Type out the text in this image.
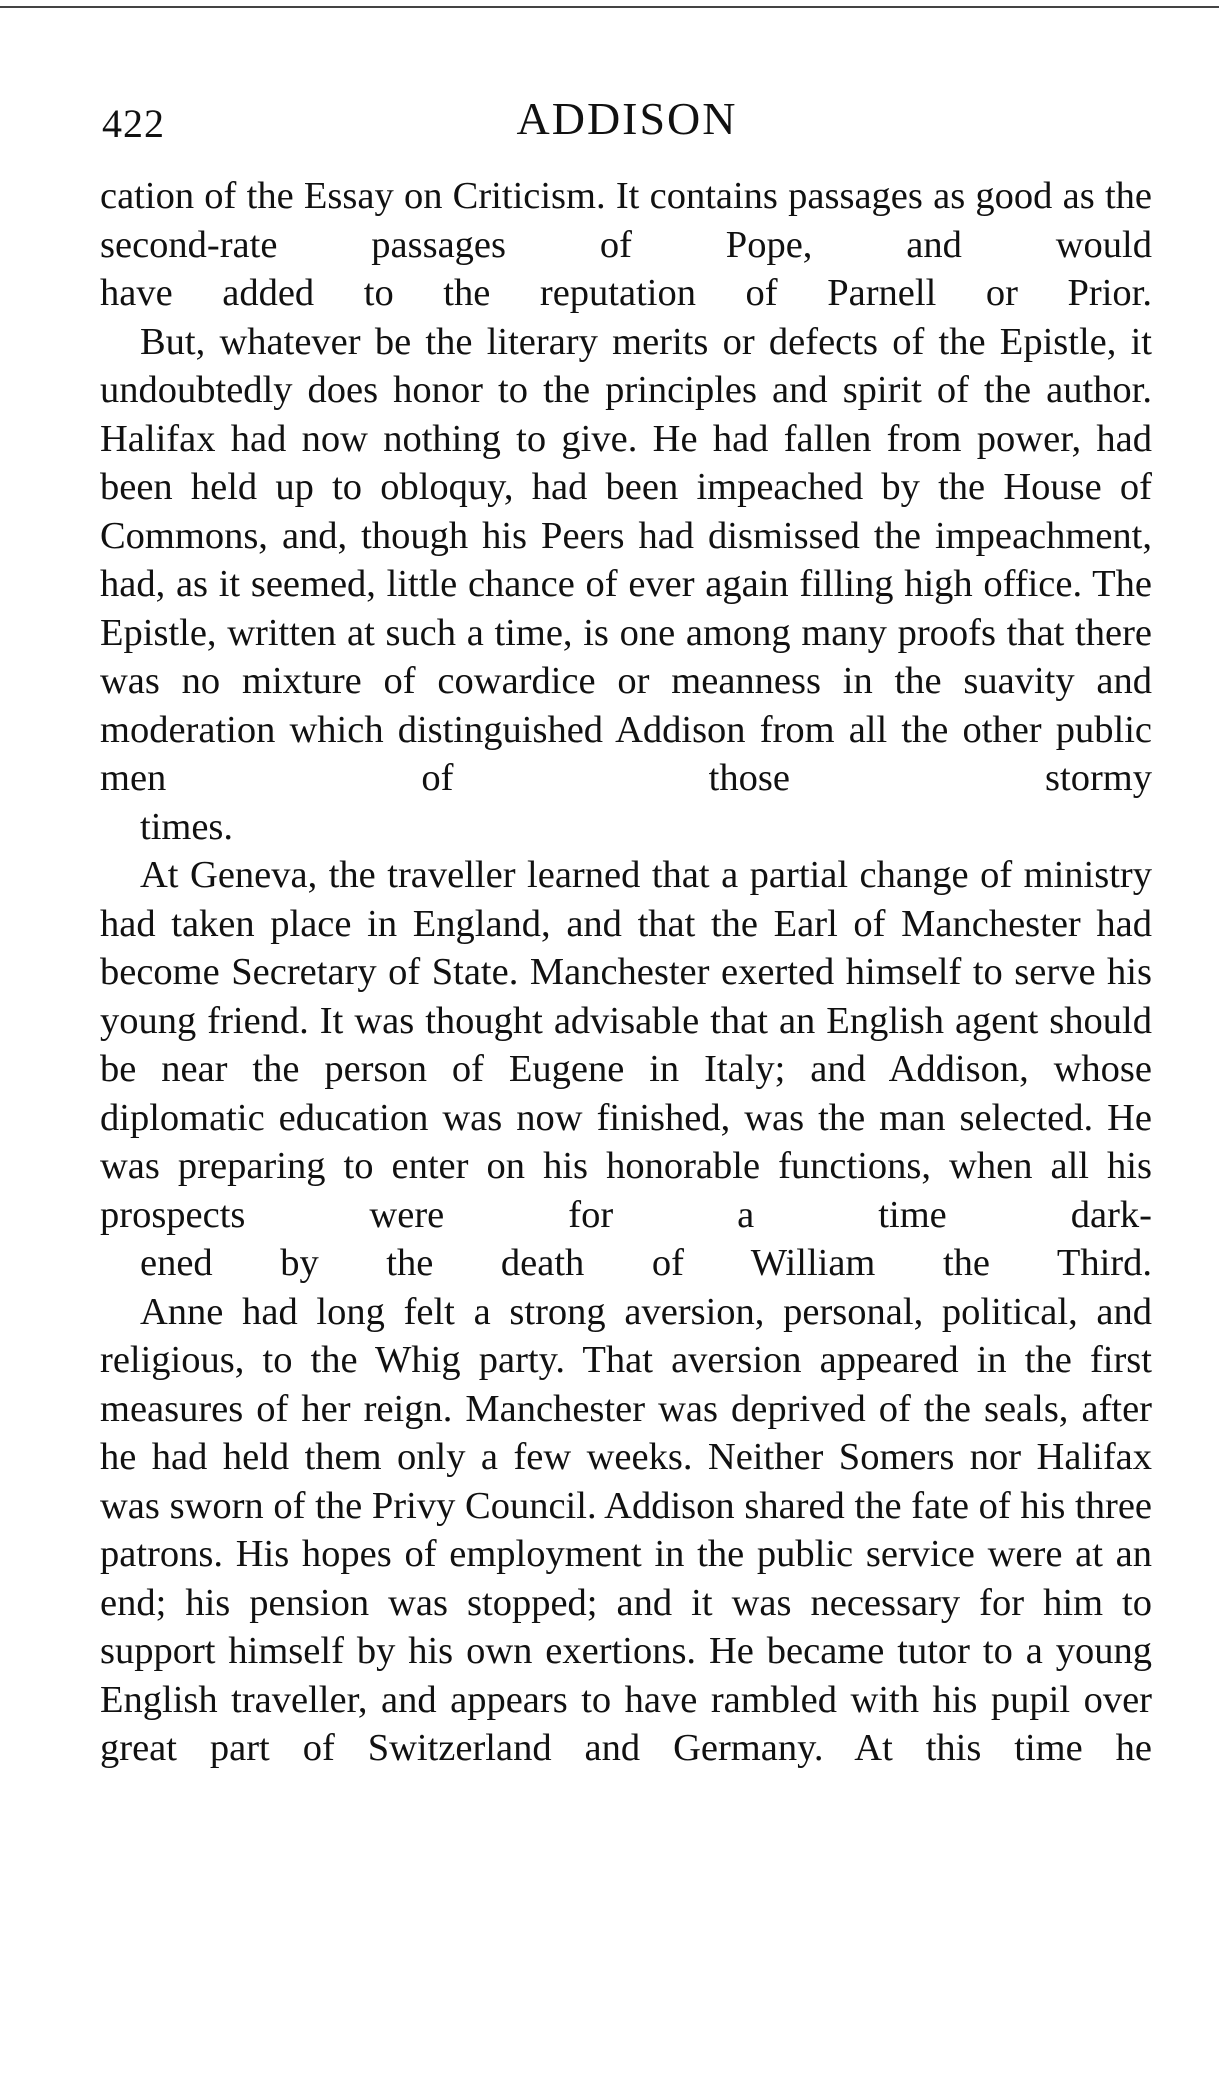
422	ADDISON

cation of the Essay on Criticism. It contains passages as good as the second-rate passages of Pope, and would
have added to the reputation of Parnell or Prior.

But, whatever be the literary merits or defects of the Epistle, it undoubtedly does honor to the principles and spirit of the author. Halifax had now nothing to give. He had fallen from power, had been held up to obloquy, had been impeached by the House of Commons, and, though his Peers had dismissed the impeachment, had, as it seemed, little chance of ever again filling high office. The Epistle, written at such a time, is one among many proofs that there was no mixture of cowardice or meanness in the suavity and moderation which distinguished Addison from all the other public men of those stormy
times.

At Geneva, the traveller learned that a partial change of ministry had taken place in England, and that the Earl of Manchester had become Secretary of State. Manchester exerted himself to serve his young friend. It was thought advisable that an English agent should be near the person of Eugene in Italy; and Addison, whose diplomatic education was now finished, was the man selected. He was preparing to enter on his honorable functions, when all his prospects were for a time dark-
ened by the death of William the Third.

Anne had long felt a strong aversion, personal, political, and religious, to the Whig party. That aversion appeared in the first measures of her reign. Manchester was deprived of the seals, after he had held them only a few weeks. Neither Somers nor Halifax was sworn of the Privy Council. Addison shared the fate of his three patrons. His hopes of employment in the public service were at an end; his pension was stopped; and it was necessary for him to support himself by his own exertions. He became tutor to a young English traveller, and appears to have rambled with his pupil over great part of Switzerland and Germany. At this time he
